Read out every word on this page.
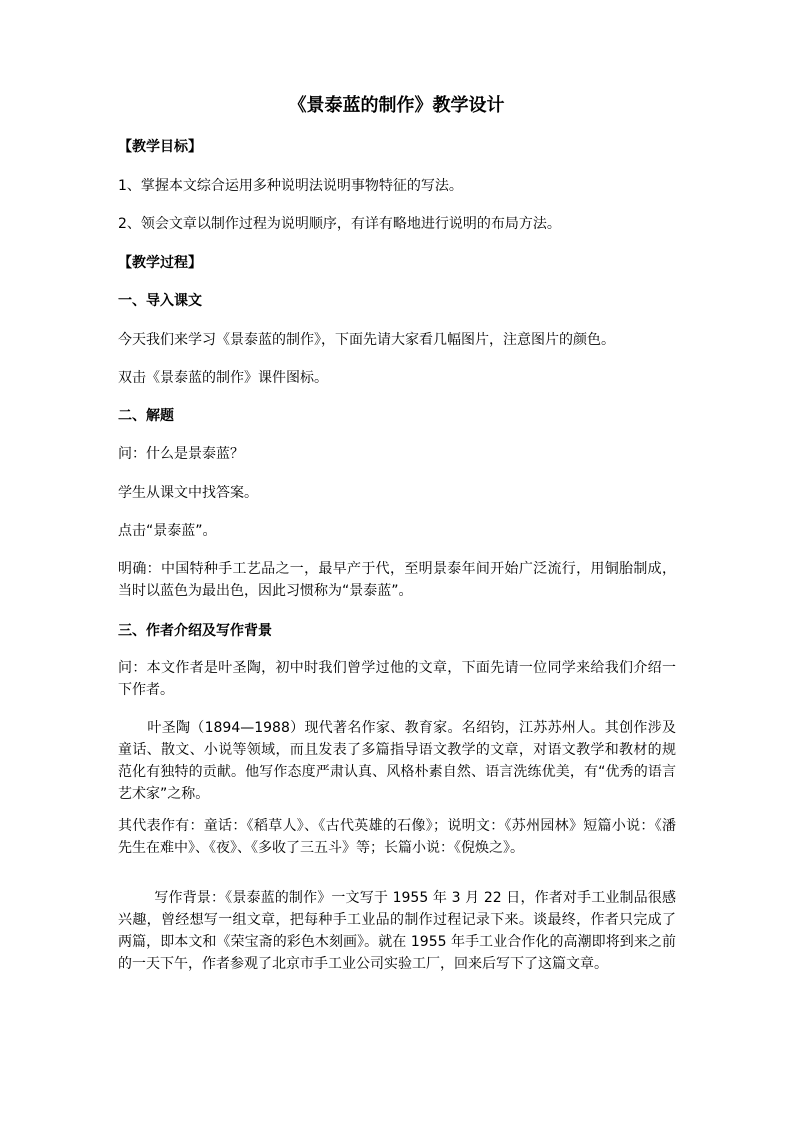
《景泰蓝的制作》教学设计
【教学目标】
1、掌握本文综合运用多种说明法说明事物特征的写法。
2、领会文章以制作过程为说明顺序，有详有略地进行说明的布局方法。
【教学过程】
一、导入课文
今天我们来学习《景泰蓝的制作》，下面先请大家看几幅图片，注意图片的颜色。
双击《景泰蓝的制作》课件图标。
二、解题
问：什么是景泰蓝？
学生从课文中找答案。
点击“景泰蓝”。
明确：中国特种手工艺品之一，最早产于代，至明景泰年间开始广泛流行，用铜胎制成，当时以蓝色为最出色，因此习惯称为“景泰蓝”。
三、作者介绍及写作背景
问：本文作者是叶圣陶，初中时我们曾学过他的文章，下面先请一位同学来给我们介绍一下作者。
叶圣陶（1894—1988）现代著名作家、教育家。名绍钧，江苏苏州人。其创作涉及童话、散文、小说等领域，而且发表了多篇指导语文教学的文章，对语文教学和教材的规范化有独特的贡献。他写作态度严肃认真、风格朴素自然、语言洗练优美，有“优秀的语言艺术家”之称。
其代表作有：童话：《稻草人》、《古代英雄的石像》；说明文：《苏州园林》短篇小说：《潘先生在难中》、《夜》、《多收了三五斗》等；长篇小说：《倪焕之》。
写作背景：《景泰蓝的制作》一文写于 1955 年 3 月 22 日，作者对手工业制品很感兴趣，曾经想写一组文章，把每种手工业品的制作过程记录下来。谈最终，作者只完成了两篇，即本文和《荣宝斋的彩色木刻画》。就在 1955 年手工业合作化的高潮即将到来之前的一天下午，作者参观了北京市手工业公司实验工厂，回来后写下了这篇文章。
